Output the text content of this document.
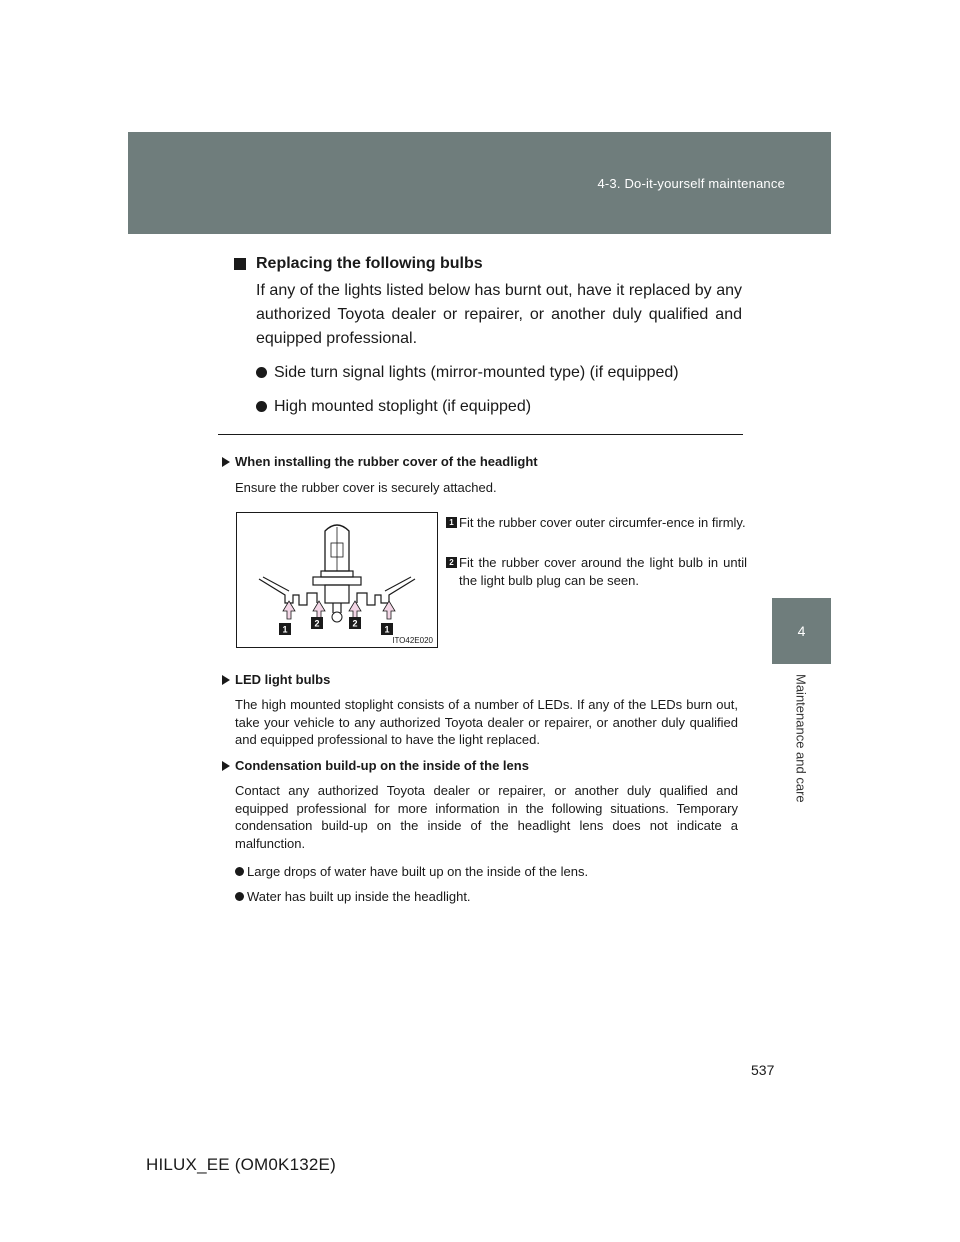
4-3. Do-it-yourself maintenance
4
Maintenance and care
Replacing the following bulbs

If any of the lights listed below has burnt out, have it replaced by any authorized Toyota dealer or repairer, or another duly qualified and equipped professional.

Side turn signal lights (mirror-mounted type) (if equipped)
High mounted stoplight (if equipped)
When installing the rubber cover of the headlight
Ensure the rubber cover is securely attached.
1
2	2
1
ITO42E020
1 Fit the rubber cover outer circumfer-ence in firmly.
2 Fit the rubber cover around the light bulb in until the light bulb plug can be seen.
LED light bulbs
The high mounted stoplight consists of a number of LEDs. If any of the LEDs burn out, take your vehicle to any authorized Toyota dealer or repairer, or another duly qualified and equipped professional to have the light replaced.
Condensation build-up on the inside of the lens
Contact any authorized Toyota dealer or repairer, or another duly qualified and equipped professional for more information in the following situations. Temporary condensation build-up on the inside of the headlight lens does not indicate a malfunction.
Large drops of water have built up on the inside of the lens.
Water has built up inside the headlight.
537
HILUX_EE (OM0K132E)
